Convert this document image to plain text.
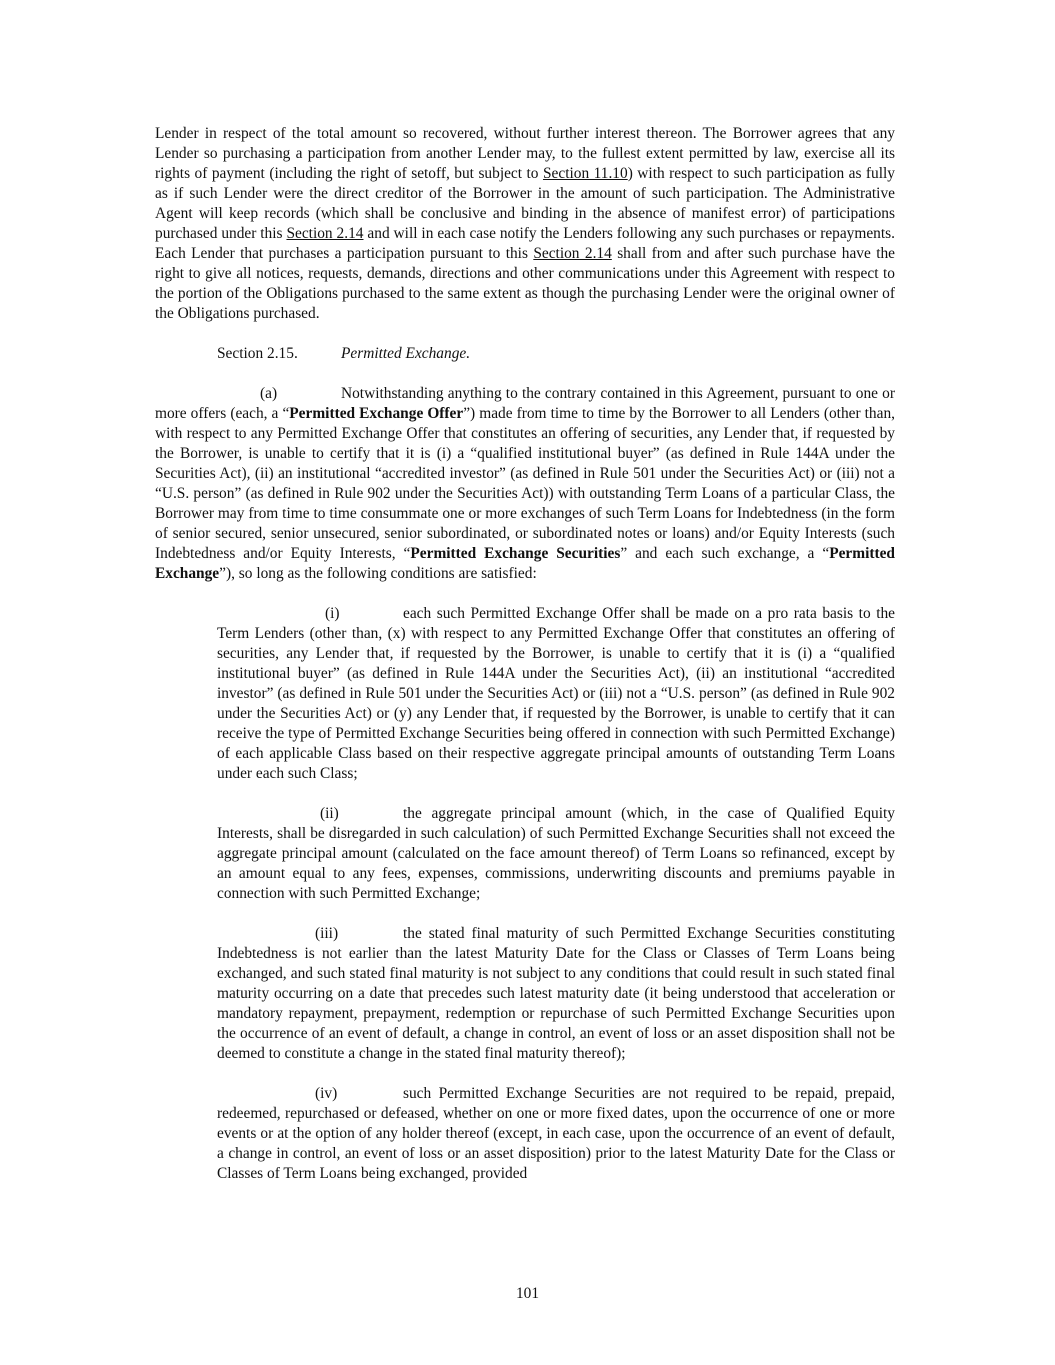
Lender in respect of the total amount so recovered, without further interest thereon. The Borrower agrees that any Lender so purchasing a participation from another Lender may, to the fullest extent permitted by law, exercise all its rights of payment (including the right of setoff, but subject to Section 11.10) with respect to such participation as fully as if such Lender were the direct creditor of the Borrower in the amount of such participation. The Administrative Agent will keep records (which shall be conclusive and binding in the absence of manifest error) of participations purchased under this Section 2.14 and will in each case notify the Lenders following any such purchases or repayments. Each Lender that purchases a participation pursuant to this Section 2.14 shall from and after such purchase have the right to give all notices, requests, demands, directions and other communications under this Agreement with respect to the portion of the Obligations purchased to the same extent as though the purchasing Lender were the original owner of the Obligations purchased.

Section 2.15.	Permitted Exchange.

(a)	Notwithstanding anything to the contrary contained in this Agreement, pursuant to one or more offers (each, a “Permitted Exchange Offer”) made from time to time by the Borrower to all Lenders (other than, with respect to any Permitted Exchange Offer that constitutes an offering of securities, any Lender that, if requested by the Borrower, is unable to certify that it is (i) a “qualified institutional buyer” (as defined in Rule 144A under the Securities Act), (ii) an institutional “accredited investor” (as defined in Rule 501 under the Securities Act) or (iii) not a “U.S. person” (as defined in Rule 902 under the Securities Act)) with outstanding Term Loans of a particular Class, the Borrower may from time to time consummate one or more exchanges of such Term Loans for Indebtedness (in the form of senior secured, senior unsecured, senior subordinated, or subordinated notes or loans) and/or Equity Interests (such Indebtedness and/or Equity Interests, “Permitted Exchange Securities” and each such exchange, a “Permitted Exchange”), so long as the following conditions are satisfied:

(i)	each such Permitted Exchange Offer shall be made on a pro rata basis to the Term Lenders (other than, (x) with respect to any Permitted Exchange Offer that constitutes an offering of securities, any Lender that, if requested by the Borrower, is unable to certify that it is (i) a “qualified institutional buyer” (as defined in Rule 144A under the Securities Act), (ii) an institutional “accredited investor” (as defined in Rule 501 under the Securities Act) or (iii) not a “U.S. person” (as defined in Rule 902 under the Securities Act) or (y) any Lender that, if requested by the Borrower, is unable to certify that it can receive the type of Permitted Exchange Securities being offered in connection with such Permitted Exchange) of each applicable Class based on their respective aggregate principal amounts of outstanding Term Loans under each such Class;

(ii)	the aggregate principal amount (which, in the case of Qualified Equity Interests, shall be disregarded in such calculation) of such Permitted Exchange Securities shall not exceed the aggregate principal amount (calculated on the face amount thereof) of Term Loans so refinanced, except by an amount equal to any fees, expenses, commissions, underwriting discounts and premiums payable in connection with such Permitted Exchange;

(iii)	the stated final maturity of such Permitted Exchange Securities constituting Indebtedness is not earlier than the latest Maturity Date for the Class or Classes of Term Loans being exchanged, and such stated final maturity is not subject to any conditions that could result in such stated final maturity occurring on a date that precedes such latest maturity date (it being understood that acceleration or mandatory repayment, prepayment, redemption or repurchase of such Permitted Exchange Securities upon the occurrence of an event of default, a change in control, an event of loss or an asset disposition shall not be deemed to constitute a change in the stated final maturity thereof);

(iv)	such Permitted Exchange Securities are not required to be repaid, prepaid, redeemed, repurchased or defeased, whether on one or more fixed dates, upon the occurrence of one or more events or at the option of any holder thereof (except, in each case, upon the occurrence of an event of default, a change in control, an event of loss or an asset disposition) prior to the latest Maturity Date for the Class or Classes of Term Loans being exchanged, provided

101
